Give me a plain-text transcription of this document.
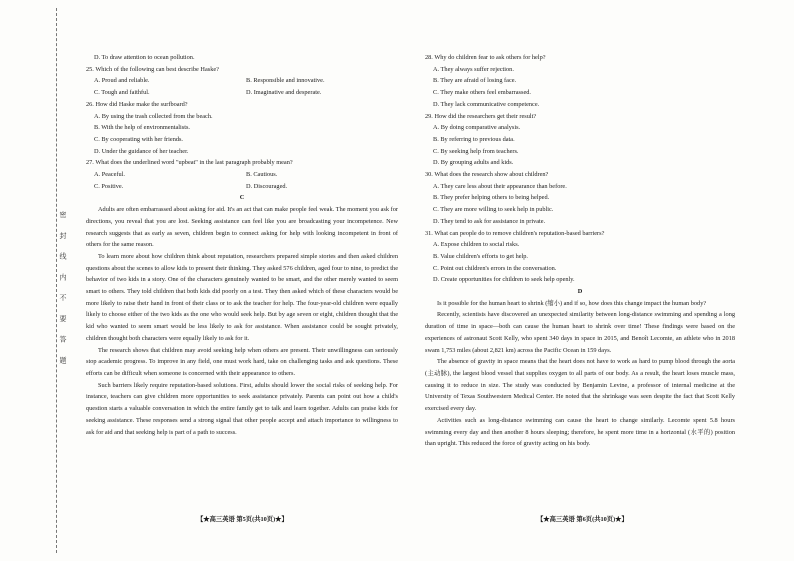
密 封 线 内 不 要 答 题

D. To draw attention to ocean pollution.

25. Which of the following can best describe Haske?

A. Proud and reliable.	B. Responsible and innovative.
C. Tough and faithful.	D. Imaginative and desperate.

26. How did Haske make the surfboard?

A. By using the trash collected from the beach.

B. With the help of environmentalists.

C. By cooperating with her friends.

D. Under the guidance of her teacher.

27. What does the underlined word "upbeat" in the last paragraph probably mean?

A. Peaceful.	B. Cautious.
C. Positive.	D. Discouraged.

C

Adults are often embarrassed about asking for aid. It's an act that can make people feel weak. The moment you ask for directions, you reveal that you are lost. Seeking assistance can feel like you are broadcasting your incompetence. New research suggests that as early as seven, children begin to connect asking for help with looking incompetent in front of others for the same reason.

To learn more about how children think about reputation, researchers prepared simple stories and then asked children questions about the scenes to allow kids to present their thinking. They asked 576 children, aged four to nine, to predict the behavior of two kids in a story. One of the characters genuinely wanted to be smart, and the other merely wanted to seem smart to others. They told children that both kids did poorly on a test. They then asked which of these characters would be more likely to raise their hand in front of their class or to ask the teacher for help. The four-year-old children were equally likely to choose either of the two kids as the one who would seek help. But by age seven or eight, children thought that the kid who wanted to seem smart would be less likely to ask for assistance. When assistance could be sought privately, children thought both characters were equally likely to ask for it.

The research shows that children may avoid seeking help when others are present. Their unwillingness can seriously stop academic progress. To improve in any field, one must work hard, take on challenging tasks and ask questions. These efforts can be difficult when someone is concerned with their appearance to others.

Such barriers likely require reputation-based solutions. First, adults should lower the social risks of seeking help. For instance, teachers can give children more opportunities to seek assistance privately. Parents can point out how a child's question starts a valuable conversation in which the entire family get to talk and learn together. Adults can praise kids for seeking assistance. These responses send a strong signal that other people accept and attach importance to willingness to ask for aid and that seeking help is part of a path to success.

28. Why do children fear to ask others for help?

A. They always suffer rejection.

B. They are afraid of losing face.

C. They make others feel embarrassed.

D. They lack communicative competence.

29. How did the researchers get their result?

A. By doing comparative analysis.

B. By referring to previous data.

C. By seeking help from teachers.

D. By grouping adults and kids.

30. What does the research show about children?

A. They care less about their appearance than before.

B. They prefer helping others to being helped.

C. They are more willing to seek help in public.

D. They tend to ask for assistance in private.

31. What can people do to remove children's reputation-based barriers?

A. Expose children to social risks.

B. Value children's efforts to get help.

C. Point out children's errors in the conversation.

D. Create opportunities for children to seek help openly.

D

Is it possible for the human heart to shrink (缩小) and if so, how does this change impact the human body?

Recently, scientists have discovered an unexpected similarity between long-distance swimming and spending a long duration of time in space—both can cause the human heart to shrink over time! These findings were based on the experiences of astronaut Scott Kelly, who spent 340 days in space in 2015, and Benoît Lecomte, an athlete who in 2018 swam 1,753 miles (about 2,821 km) across the Pacific Ocean in 159 days.

The absence of gravity in space means that the heart does not have to work as hard to pump blood through the aorta (主动脉), the largest blood vessel that supplies oxygen to all parts of our body. As a result, the heart loses muscle mass, causing it to reduce in size. The study was conducted by Benjamin Levine, a professor of internal medicine at the University of Texas Southwestern Medical Center. He noted that the shrinkage was seen despite the fact that Scott Kelly exercised every day.

Activities such as long-distance swimming can cause the heart to change similarly. Lecomte spent 5.8 hours swimming every day and then another 8 hours sleeping; therefore, he spent more time in a horizontal (水平的) position than upright. This reduced the force of gravity acting on his body.

【★高三英语 第5页(共10页)★】	【★高三英语 第6页(共10页)★】
